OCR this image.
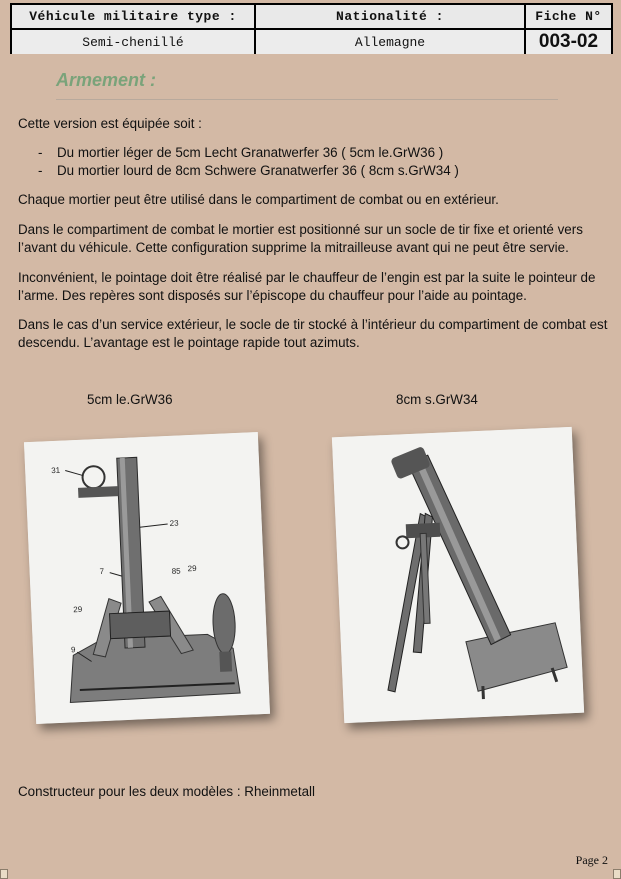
Véhicule militaire type :	Nationalité :	Fiche N°
Semi-chenillé	Allemagne	003-02
Armement :
Cette version est équipée soit :
- Du mortier léger de 5cm Lecht Granatwerfer 36 ( 5cm le.GrW36 )
- Du mortier lourd de 8cm Schwere Granatwerfer 36 ( 8cm s.GrW34 )
Chaque mortier peut être utilisé dans le compartiment de combat ou en extérieur.
Dans le compartiment de combat le mortier est positionné sur un socle de tir fixe et orienté vers l’avant du véhicule. Cette configuration supprime la mitrailleuse avant qui ne peut être servie.
Inconvénient, le pointage doit être réalisé par le chauffeur de l’engin est par la suite le pointeur de l’arme. Des repères sont disposés sur l’épiscope du chauffeur pour l’aide au pointage.
Dans le cas d’un service extérieur, le socle de tir stocké à l’intérieur du compartiment de combat est descendu. L’avantage est le pointage rapide tout azimuts.
5cm le.GrW36	8cm s.GrW34
31
23
7	85 29
29
9
Constructeur pour les deux modèles : Rheinmetall
Page 2
